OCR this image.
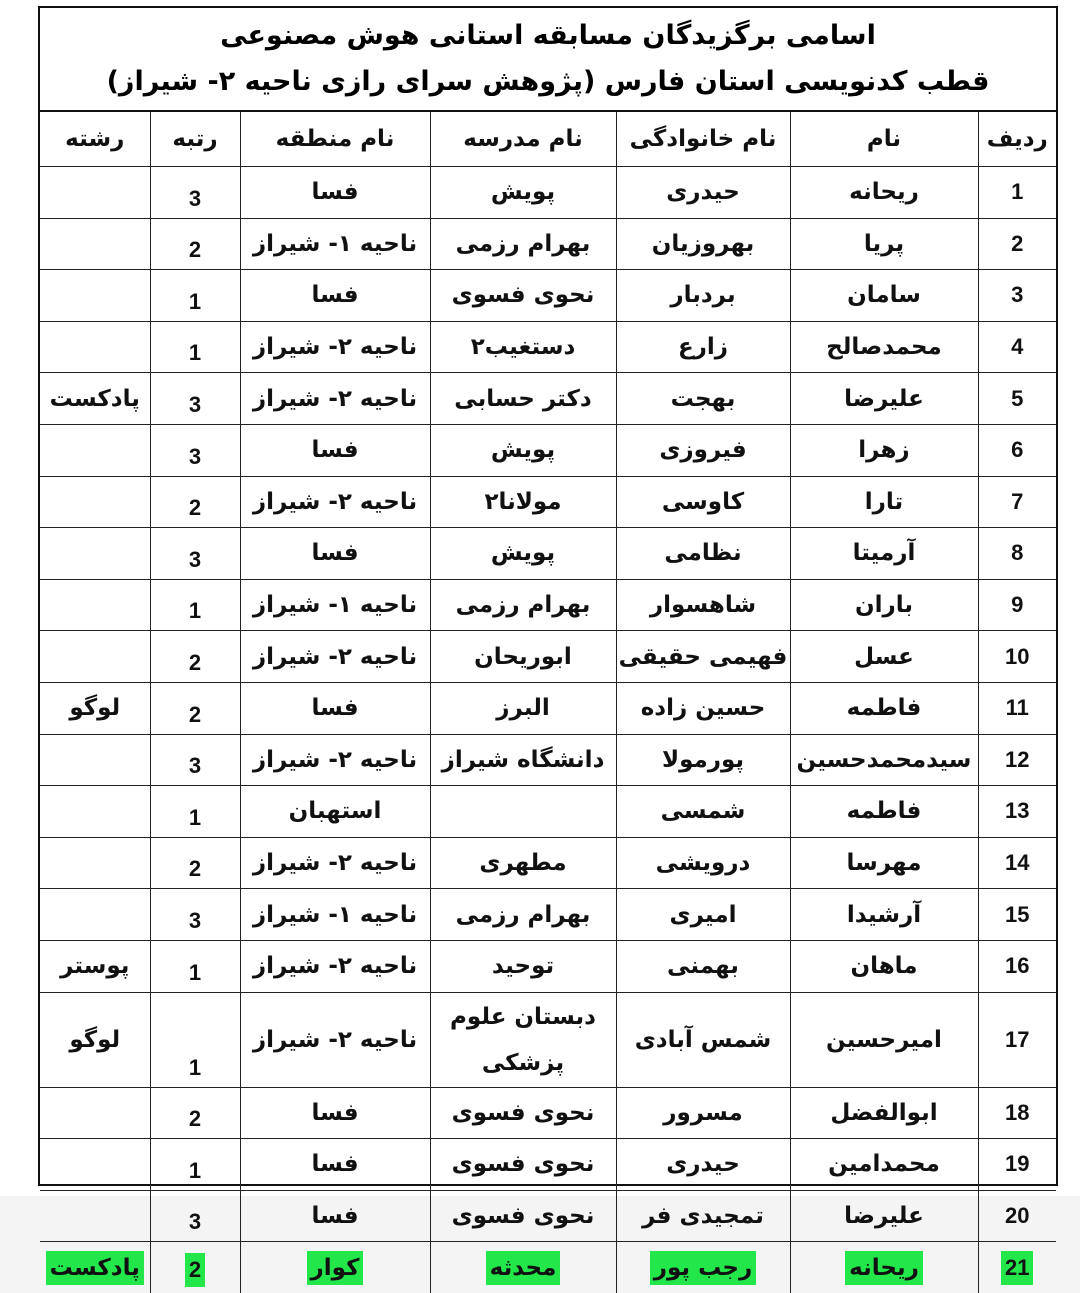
اسامی برگزیدگان مسابقه استانی هوش مصنوعی
قطب کدنویسی استان فارس (پژوهش سرای رازی ناحیه ۲- شیراز)
ردیف	نام	نام خانوادگی	نام مدرسه	نام منطقه	رتبه	رشته
1	ریحانه	حیدری	پویش	فسا	3	
2	پریا	بهروزیان	بهرام رزمی	ناحیه ۱- شیراز	2	
3	سامان	بردبار	نحوی فسوی	فسا	1	
4	محمدصالح	زارع	دستغیب۲	ناحیه ۲- شیراز	1	
5	علیرضا	بهجت	دکتر حسابی	ناحیه ۲- شیراز	3	پادکست
6	زهرا	فیروزی	پویش	فسا	3	
7	تارا	کاوسی	مولانا۲	ناحیه ۲- شیراز	2	
8	آرمیتا	نظامی	پویش	فسا	3	
9	باران	شاهسوار	بهرام رزمی	ناحیه ۱- شیراز	1	
10	عسل	فهیمی حقیقی	ابوریحان	ناحیه ۲- شیراز	2	
11	فاطمه	حسین زاده	البرز	فسا	2	لوگو
12	سیدمحمدحسین	پورمولا	دانشگاه شیراز	ناحیه ۲- شیراز	3	
13	فاطمه	شمسی		استهبان	1	
14	مهرسا	درویشی	مطهری	ناحیه ۲- شیراز	2	
15	آرشیدا	امیری	بهرام رزمی	ناحیه ۱- شیراز	3	
16	ماهان	بهمنی	توحید	ناحیه ۲- شیراز	1	پوستر
17	امیرحسین	شمس آبادی	دبستان علوم پزشکی	ناحیه ۲- شیراز	1	لوگو
18	ابوالفضل	مسرور	نحوی فسوی	فسا	2	
19	محمدامین	حیدری	نحوی فسوی	فسا	1	
20	علیرضا	تمجیدی فر	نحوی فسوی	فسا	3	
21	ریحانه	رجب پور	محدثه	کوار	2	پادکست
